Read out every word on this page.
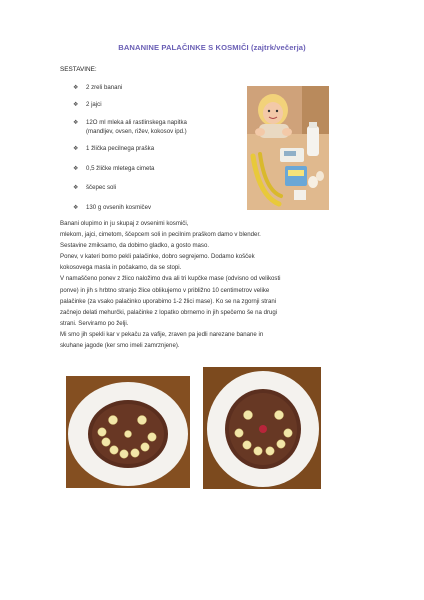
BANANINE PALAČINKE S KOSMIČI (zajtrk/večerja)
SESTAVINE:
❖ 2 zreli banani
❖ 2 jajci
❖ 12O ml mleka ali rastlinskega napitka
(mandljev, ovsen, rižev, kokosov ipd.)
❖ 1 žlička pecilnega praška
❖ 0,5 žličke mletega cimeta
❖ ščepec soli
❖ 130 g ovsenih kosmičev

Banani olupimo in ju skupaj z ovsenimi kosmiči,

mlekom, jajci, cimetom, ščepcem soli in pecilnim praškom damo v blender.

Sestavine zmiksamo, da dobimo gladko, a gosto maso.

Ponev, v kateri bomo pekli palačinke, dobro segrejemo. Dodamo košček

kokosovega masla in počakamo, da se stopi.

V namaščeno ponev z žlico naložimo dva ali tri kupčke mase (odvisno od velikosti

ponve) in jih s hrbtno stranjo žlice oblikujemo v približno 10 centimetrov velike

palačinke (za vsako palačinko uporabimo 1-2 žlici mase). Ko se na zgornji strani

začnejo delati mehurčki, palačinke z lopatko obrnemo in jih spečemo še na drugi

strani. Serviramo po želji.

Mi smo jih spekli kar v pekaču za vafije, zraven pa jedli narezane banane in

skuhane jagode (ker smo imeli zamrznjene).
